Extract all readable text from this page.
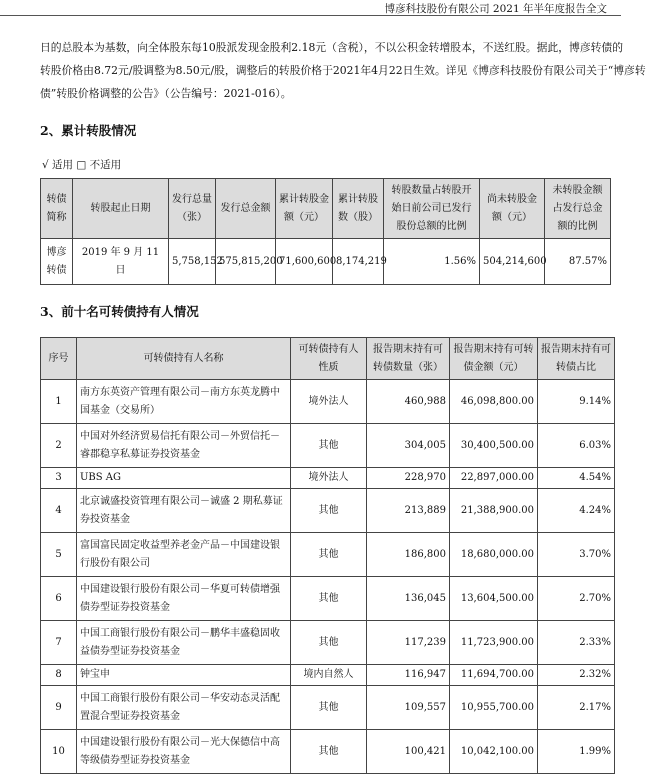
博彦科技股份有限公司 2021 年半年度报告全文
日的总股本为基数，向全体股东每10股派发现金股利2.18元（含税），不以公积金转增股本，不送红股。据此，博彦转债的
转股价格由8.72元/股调整为8.50元/股，调整后的转股价格于2021年4月22日生效。详见《博彦科技股份有限公司关于“博彦转
债”转股价格调整的公告》（公告编号：2021-016）。
2、累计转股情况
√ 适用 □ 不适用
转债简称	转股起止日期	发行总量（张）	发行总金额	累计转股金额（元）	累计转股数（股）	转股数量占转股开始日前公司已发行股份总额的比例	尚未转股金额（元）	未转股金额占发行总金额的比例
博彦转债	2019 年 9 月 11 日	5,758,152	575,815,200	71,600,600	8,174,219	1.56%	504,214,600	87.57%
3、前十名可转债持有人情况
序号	可转债持有人名称	可转债持有人性质	报告期末持有可转债数量（张）	报告期末持有可转债金额（元）	报告期末持有可转债占比
1	南方东英资产管理有限公司－南方东英龙腾中国基金（交易所）	境外法人	460,988	46,098,800.00	9.14%
2	中国对外经济贸易信托有限公司－外贸信托－睿郡稳享私募证券投资基金	其他	304,005	30,400,500.00	6.03%
3	UBS AG	境外法人	228,970	22,897,000.00	4.54%
4	北京诚盛投资管理有限公司－诚盛 2 期私募证券投资基金	其他	213,889	21,388,900.00	4.24%
5	富国富民固定收益型养老金产品－中国建设银行股份有限公司	其他	186,800	18,680,000.00	3.70%
6	中国建设银行股份有限公司－华夏可转债增强债券型证券投资基金	其他	136,045	13,604,500.00	2.70%
7	中国工商银行股份有限公司－鹏华丰盛稳固收益债券型证券投资基金	其他	117,239	11,723,900.00	2.33%
8	钟宝申	境内自然人	116,947	11,694,700.00	2.32%
9	中国工商银行股份有限公司－华安动态灵活配置混合型证券投资基金	其他	109,557	10,955,700.00	2.17%
10	中国建设银行股份有限公司－光大保德信中高等级债券型证券投资基金	其他	100,421	10,042,100.00	1.99%
